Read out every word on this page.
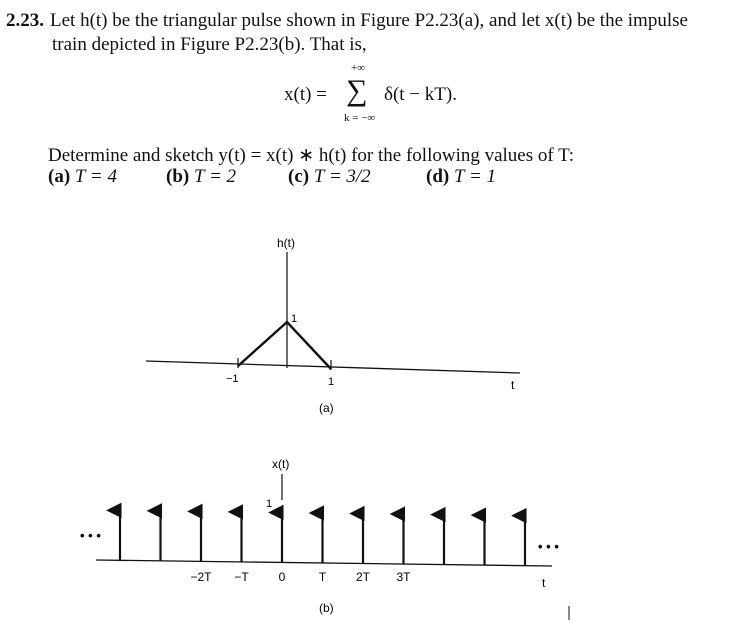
2.23. Let h(t) be the triangular pulse shown in Figure P2.23(a), and let x(t) be the impulse
train depicted in Figure P2.23(b). That is,
x(t) =
+∞
∑
k = −∞
δ(t − kT).
Determine and sketch y(t) = x(t) ∗ h(t) for the following values of T:
(a) T = 4	(b) T = 2	(c) T = 3/2	(d) T = 1
h(t)
1
−1	1	t
(a)
−2T −T 0	T 2T 3T
x(t)
1
• • •
• • •
t
(b)
